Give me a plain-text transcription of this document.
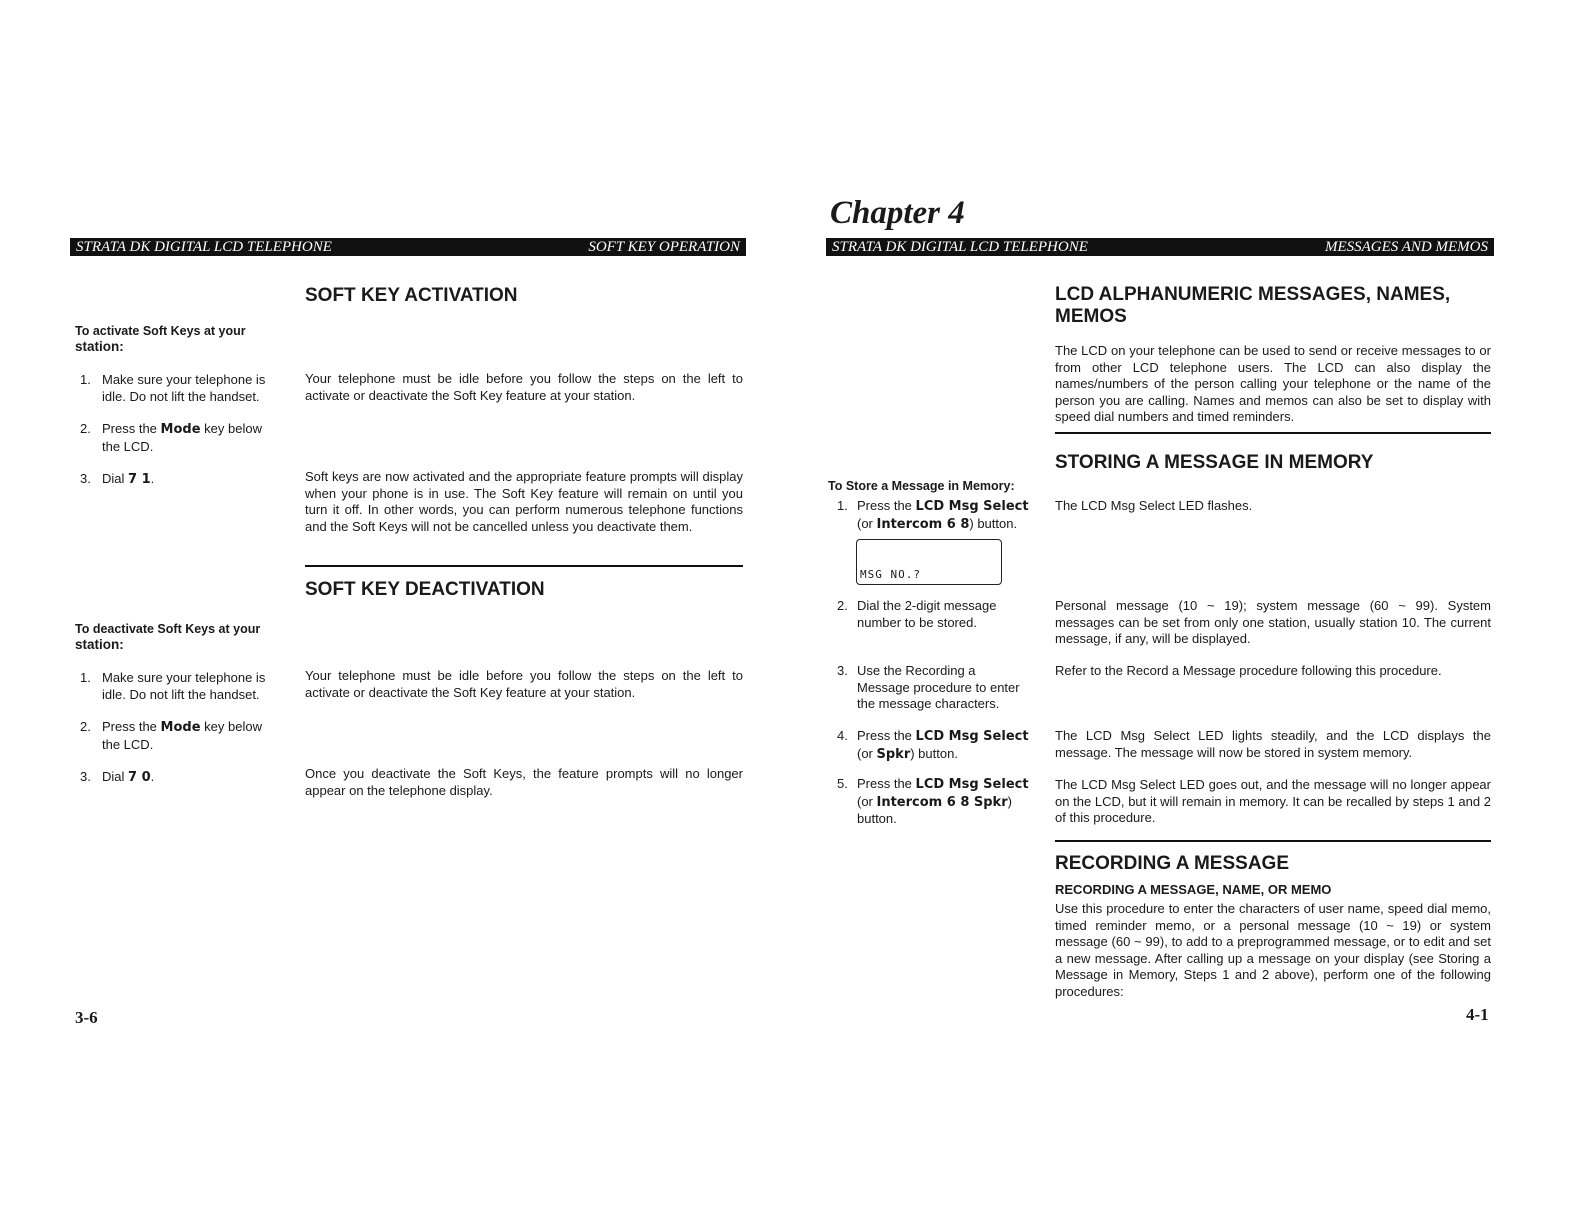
STRATA DK DIGITAL LCD TELEPHONE	SOFT KEY OPERATION
SOFT KEY ACTIVATION
To activate Soft Keys at your
station:
1. Make sure your telephone is
idle. Do not lift the handset.
2. Press the Mode key below
the LCD.
3. Dial 7 1.
Your telephone must be idle before you follow the steps on the left to activate or deactivate the Soft Key feature at your station.
Soft keys are now activated and the appropriate feature prompts will display when your phone is in use. The Soft Key feature will remain on until you turn it off. In other words, you can perform numerous telephone functions and the Soft Keys will not be cancelled unless you deactivate them.
SOFT KEY DEACTIVATION
To deactivate Soft Keys at your
station:
1. Make sure your telephone is
idle. Do not lift the handset.
2. Press the Mode key below
the LCD.
3. Dial 7 0.
Your telephone must be idle before you follow the steps on the left to activate or deactivate the Soft Key feature at your station.
Once you deactivate the Soft Keys, the feature prompts will no longer appear on the telephone display.
3-6
Chapter 4
STRATA DK DIGITAL LCD TELEPHONE	MESSAGES AND MEMOS
LCD ALPHANUMERIC MESSAGES, NAMES,
MEMOS
The LCD on your telephone can be used to send or receive messages to or from other LCD telephone users. The LCD can also display the names/numbers of the person calling your telephone or the name of the person you are calling. Names and memos can also be set to display with speed dial numbers and timed reminders.
STORING A MESSAGE IN MEMORY
To Store a Message in Memory:
1. Press the LCD Msg Select
(or Intercom 6 8) button.
MSG NO.?
2. Dial the 2-digit message
number to be stored.
3. Use the Recording a
Message procedure to enter
the message characters.
4. Press the LCD Msg Select
(or Spkr) button.
5. Press the LCD Msg Select
(or Intercom 6 8 Spkr)
button.
The LCD Msg Select LED flashes.
Personal message (10 ~ 19); system message (60 ~ 99). System messages can be set from only one station, usually station 10. The current message, if any, will be displayed.
Refer to the Record a Message procedure following this procedure.
The LCD Msg Select LED lights steadily, and the LCD displays the message. The message will now be stored in system memory.
The LCD Msg Select LED goes out, and the message will no longer appear on the LCD, but it will remain in memory. It can be recalled by steps 1 and 2 of this procedure.
RECORDING A MESSAGE
RECORDING A MESSAGE, NAME, OR MEMO
Use this procedure to enter the characters of user name, speed dial memo, timed reminder memo, or a personal message (10 ~ 19) or system message (60 ~ 99), to add to a preprogrammed message, or to edit and set a new message. After calling up a message on your display (see Storing a Message in Memory, Steps 1 and 2 above), perform one of the following procedures:
4-1
